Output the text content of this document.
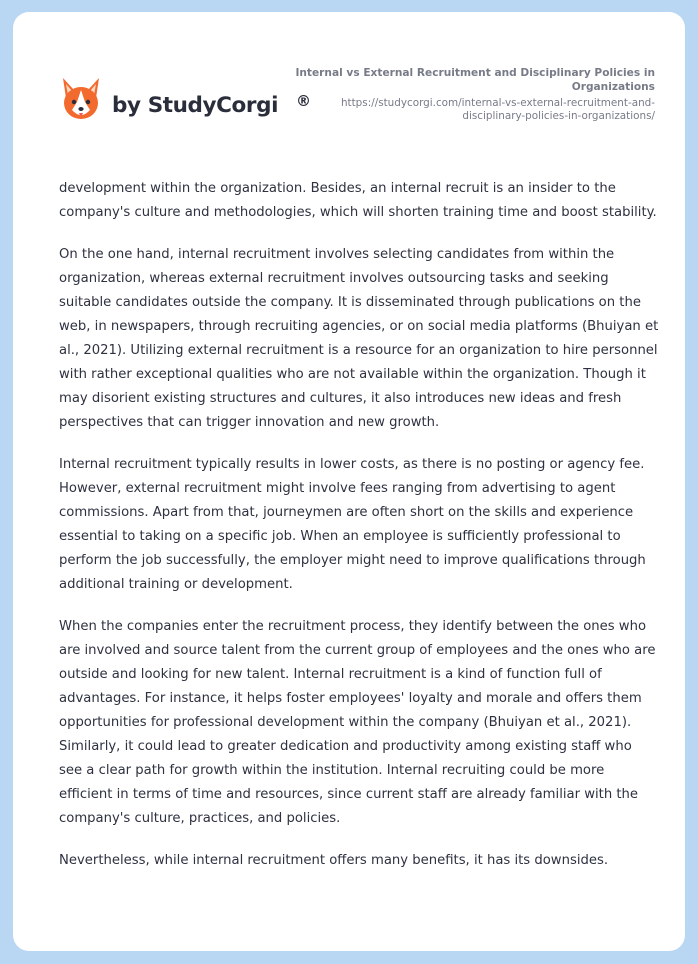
by StudyCorgi ®
Internal vs External Recruitment and Disciplinary Policies in Organizations
https://studycorgi.com/internal-vs-external-recruitment-and-disciplinary-policies-in-organizations/

development within the organization. Besides, an internal recruit is an insider to the company's culture and methodologies, which will shorten training time and boost stability.

On the one hand, internal recruitment involves selecting candidates from within the organization, whereas external recruitment involves outsourcing tasks and seeking suitable candidates outside the company. It is disseminated through publications on the web, in newspapers, through recruiting agencies, or on social media platforms (Bhuiyan et al., 2021). Utilizing external recruitment is a resource for an organization to hire personnel with rather exceptional qualities who are not available within the organization. Though it may disorient existing structures and cultures, it also introduces new ideas and fresh perspectives that can trigger innovation and new growth.

Internal recruitment typically results in lower costs, as there is no posting or agency fee. However, external recruitment might involve fees ranging from advertising to agent commissions. Apart from that, journeymen are often short on the skills and experience essential to taking on a specific job. When an employee is sufficiently professional to perform the job successfully, the employer might need to improve qualifications through additional training or development.

When the companies enter the recruitment process, they identify between the ones who are involved and source talent from the current group of employees and the ones who are outside and looking for new talent. Internal recruitment is a kind of function full of advantages. For instance, it helps foster employees' loyalty and morale and offers them opportunities for professional development within the company (Bhuiyan et al., 2021). Similarly, it could lead to greater dedication and productivity among existing staff who see a clear path for growth within the institution. Internal recruiting could be more efficient in terms of time and resources, since current staff are already familiar with the company's culture, practices, and policies.

Nevertheless, while internal recruitment offers many benefits, it has its downsides.
